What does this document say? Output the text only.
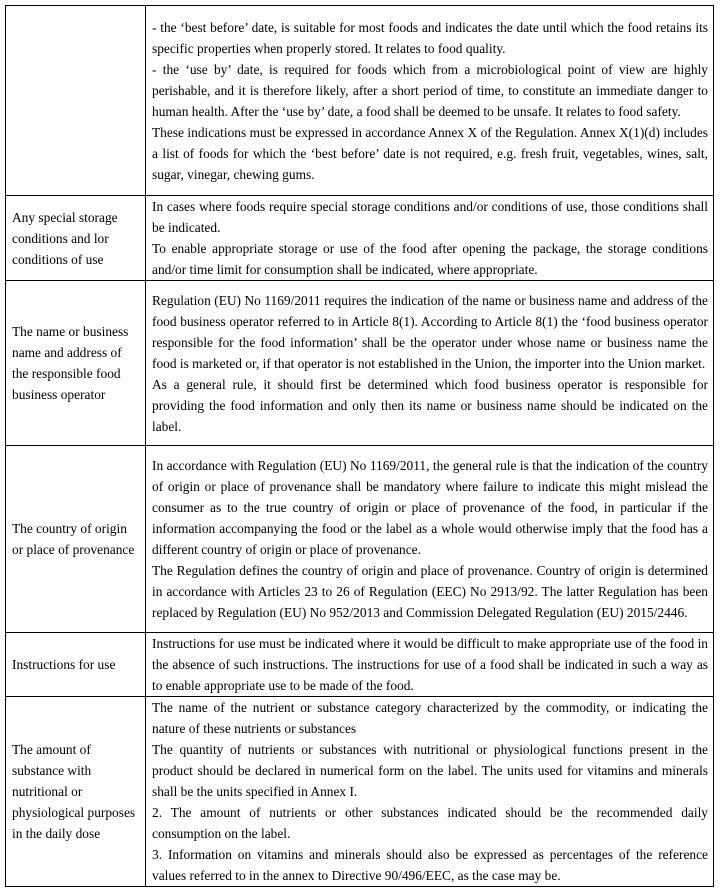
	- the ‘best before’ date, is suitable for most foods and indicates the date until which the food retains its specific properties when properly stored. It relates to food quality.

- the ‘use by’ date, is required for foods which from a microbiological point of view are highly perishable, and it is therefore likely, after a short period of time, to constitute an immediate danger to human health. After the ‘use by’ date, a food shall be deemed to be unsafe. It relates to food safety.

These indications must be expressed in accordance Annex X of the Regulation. Annex X(1)(d) includes a list of foods for which the ‘best before’ date is not required, e.g. fresh fruit, vegetables, wines, salt, sugar, vinegar, chewing gums.

Any special storage conditions and lor conditions of use	In cases where foods require special storage conditions and/or conditions of use, those conditions shall be indicated.

To enable appropriate storage or use of the food after opening the package, the storage conditions and/or time limit for consumption shall be indicated, where appropriate.

The name or business name and address of the responsible food business operator	Regulation (EU) No 1169/2011 requires the indication of the name or business name and address of the food business operator referred to in Article 8(1). According to Article 8(1) the ‘food business operator responsible for the food information’ shall be the operator under whose name or business name the food is marketed or, if that operator is not established in the Union, the importer into the Union market.

As a general rule, it should first be determined which food business operator is responsible for providing the food information and only then its name or business name should be indicated on the label.

The country of origin or place of provenance	In accordance with Regulation (EU) No 1169/2011, the general rule is that the indication of the country of origin or place of provenance shall be mandatory where failure to indicate this might mislead the consumer as to the true country of origin or place of provenance of the food, in particular if the information accompanying the food or the label as a whole would otherwise imply that the food has a different country of origin or place of provenance.

The Regulation defines the country of origin and place of provenance. Country of origin is determined in accordance with Articles 23 to 26 of Regulation (EEC) No 2913/92. The latter Regulation has been replaced by Regulation (EU) No 952/2013 and Commission Delegated Regulation (EU) 2015/2446.

Instructions for use	Instructions for use must be indicated where it would be difficult to make appropriate use of the food in the absence of such instructions. The instructions for use of a food shall be indicated in such a way as to enable appropriate use to be made of the food.

The amount of substance with nutritional or physiological purposes in the daily dose	The name of the nutrient or substance category characterized by the commodity, or indicating the nature of these nutrients or substances

The quantity of nutrients or substances with nutritional or physiological functions present in the product should be declared in numerical form on the label. The units used for vitamins and minerals shall be the units specified in Annex I.

2. The amount of nutrients or other substances indicated should be the recommended daily consumption on the label.

3. Information on vitamins and minerals should also be expressed as percentages of the reference values referred to in the annex to Directive 90/496/EEC, as the case may be.
